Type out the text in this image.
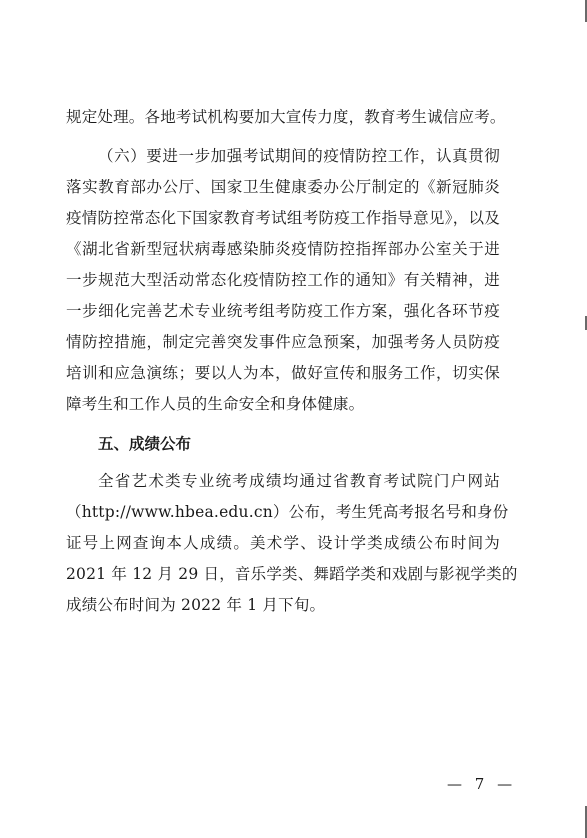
规定处理。各地考试机构要加大宣传力度，教育考生诚信应考。
（六）要进一步加强考试期间的疫情防控工作，认真贯彻
落实教育部办公厅、国家卫生健康委办公厅制定的《新冠肺炎
疫情防控常态化下国家教育考试组考防疫工作指导意见》，以及
《湖北省新型冠状病毒感染肺炎疫情防控指挥部办公室关于进
一步规范大型活动常态化疫情防控工作的通知》有关精神，进
一步细化完善艺术专业统考组考防疫工作方案，强化各环节疫
情防控措施，制定完善突发事件应急预案，加强考务人员防疫
培训和应急演练；要以人为本，做好宣传和服务工作，切实保
障考生和工作人员的生命安全和身体健康。
五、成绩公布
全省艺术类专业统考成绩均通过省教育考试院门户网站
（http://www.hbea.edu.cn）公布，考生凭高考报名号和身份
证号上网查询本人成绩。美术学、设计学类成绩公布时间为
2021 年 12 月 29 日，音乐学类、舞蹈学类和戏剧与影视学类的
成绩公布时间为 2022 年 1 月下旬。
— 7 —
